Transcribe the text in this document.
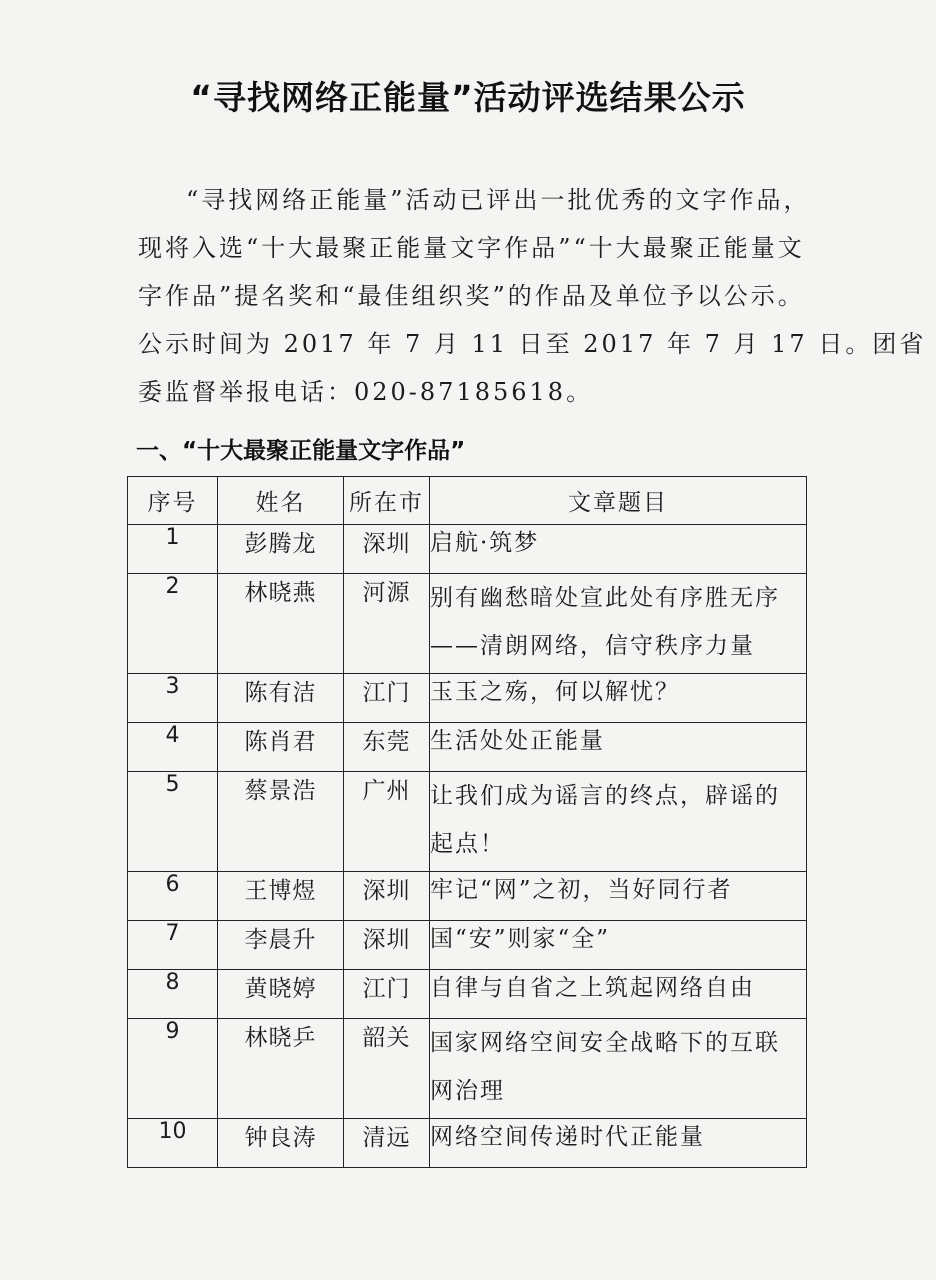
“寻找网络正能量”活动评选结果公示
“寻找网络正能量”活动已评出一批优秀的文字作品，
现将入选“十大最聚正能量文字作品”“十大最聚正能量文
字作品”提名奖和“最佳组织奖”的作品及单位予以公示。
公示时间为 2017 年 7 月 11 日至 2017 年 7 月 17 日。团省
委监督举报电话：020-87185618。
一、“十大最聚正能量文字作品”
序号	姓名	所在市	文章题目
1	彭腾龙	深圳	启航·筑梦

2	林晓燕	河源	别有幽愁暗处宣此处有序胜无序
——清朗网络，信守秩序力量

3	陈有洁	江门	玉玉之殇，何以解忧？

4	陈肖君	东莞	生活处处正能量

5	蔡景浩	广州	让我们成为谣言的终点，辟谣的
起点！

6	王博煜	深圳	牢记“网”之初，当好同行者

7	李晨升	深圳	国“安”则家“全”

8	黄晓婷	江门	自律与自省之上筑起网络自由

9	林晓乒	韶关	国家网络空间安全战略下的互联
网治理

10	钟良涛	清远	网络空间传递时代正能量
